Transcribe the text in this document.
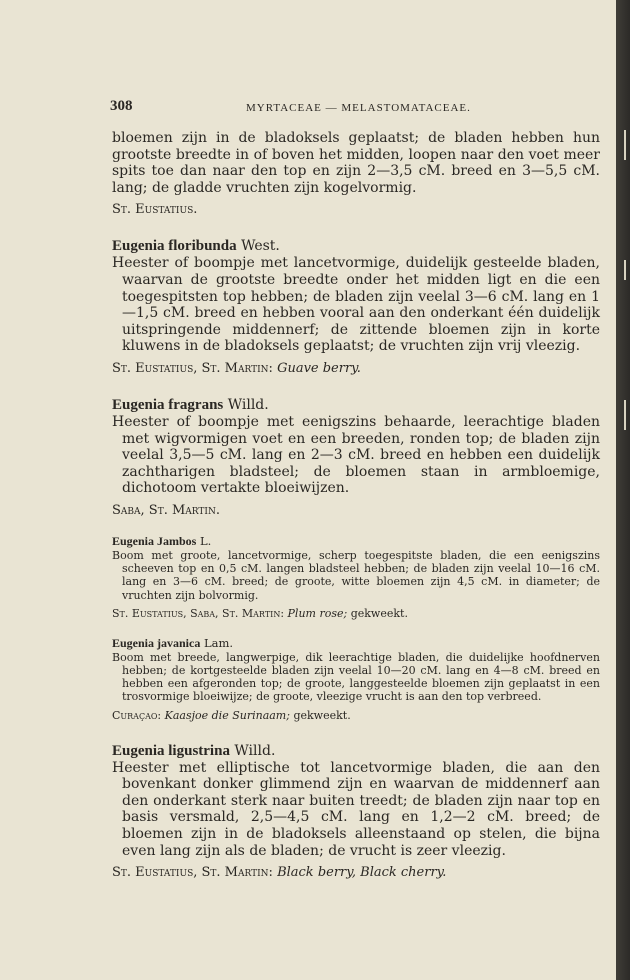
308	MYRTACEAE — MELASTOMATACEAE.

bloemen zijn in de bladoksels geplaatst; de bladen hebben hun grootste breedte in of boven het midden, loopen naar den voet meer spits toe dan naar den top en zijn 2—3,5 cM. breed en 3—5,5 cM. lang; de gladde vruchten zijn kogelvormig.

St. Eustatius.

Eugenia floribunda West.

Heester of boompje met lancetvormige, duidelijk gesteelde bladen, waarvan de grootste breedte onder het midden ligt en die een toegespitsten top hebben; de bladen zijn veelal 3—6 cM. lang en 1—1,5 cM. breed en hebben vooral aan den onderkant één duidelijk uitspringende middennerf; de zittende bloemen zijn in korte kluwens in de bladoksels geplaatst; de vruchten zijn vrij vleezig.

St. Eustatius, St. Martin: Guave berry.

Eugenia fragrans Willd.

Heester of boompje met eenigszins behaarde, leerachtige bladen met wigvormigen voet en een breeden, ronden top; de bladen zijn veelal 3,5—5 cM. lang en 2—3 cM. breed en hebben een duidelijk zachtharigen bladsteel; de bloemen staan in armbloemige, dichotoom vertakte bloeiwijzen.

Saba, St. Martin.

Eugenia Jambos L.

Boom met groote, lancetvormige, scherp toegespitste bladen, die een eenigszins scheeven top en 0,5 cM. langen bladsteel hebben; de bladen zijn veelal 10—16 cM. lang en 3—6 cM. breed; de groote, witte bloemen zijn 4,5 cM. in diameter; de vruchten zijn bolvormig.

St. Eustatius, Saba, St. Martin: Plum rose; gekweekt.

Eugenia javanica Lam.

Boom met breede, langwerpige, dik leerachtige bladen, die duidelijke hoofdnerven hebben; de kortgesteelde bladen zijn veelal 10—20 cM. lang en 4—8 cM. breed en hebben een afgeronden top; de groote, langgesteelde bloemen zijn geplaatst in een trosvormige bloeiwijze; de groote, vleezige vrucht is aan den top verbreed.

Curaçao: Kaasjoe die Surinaam; gekweekt.

Eugenia ligustrina Willd.

Heester met elliptische tot lancetvormige bladen, die aan den bovenkant donker glimmend zijn en waarvan de middennerf aan den onderkant sterk naar buiten treedt; de bladen zijn naar top en basis versmald, 2,5—4,5 cM. lang en 1,2—2 cM. breed; de bloemen zijn in de bladoksels alleenstaand op stelen, die bijna even lang zijn als de bladen; de vrucht is zeer vleezig.

St. Eustatius, St. Martin: Black berry, Black cherry.
